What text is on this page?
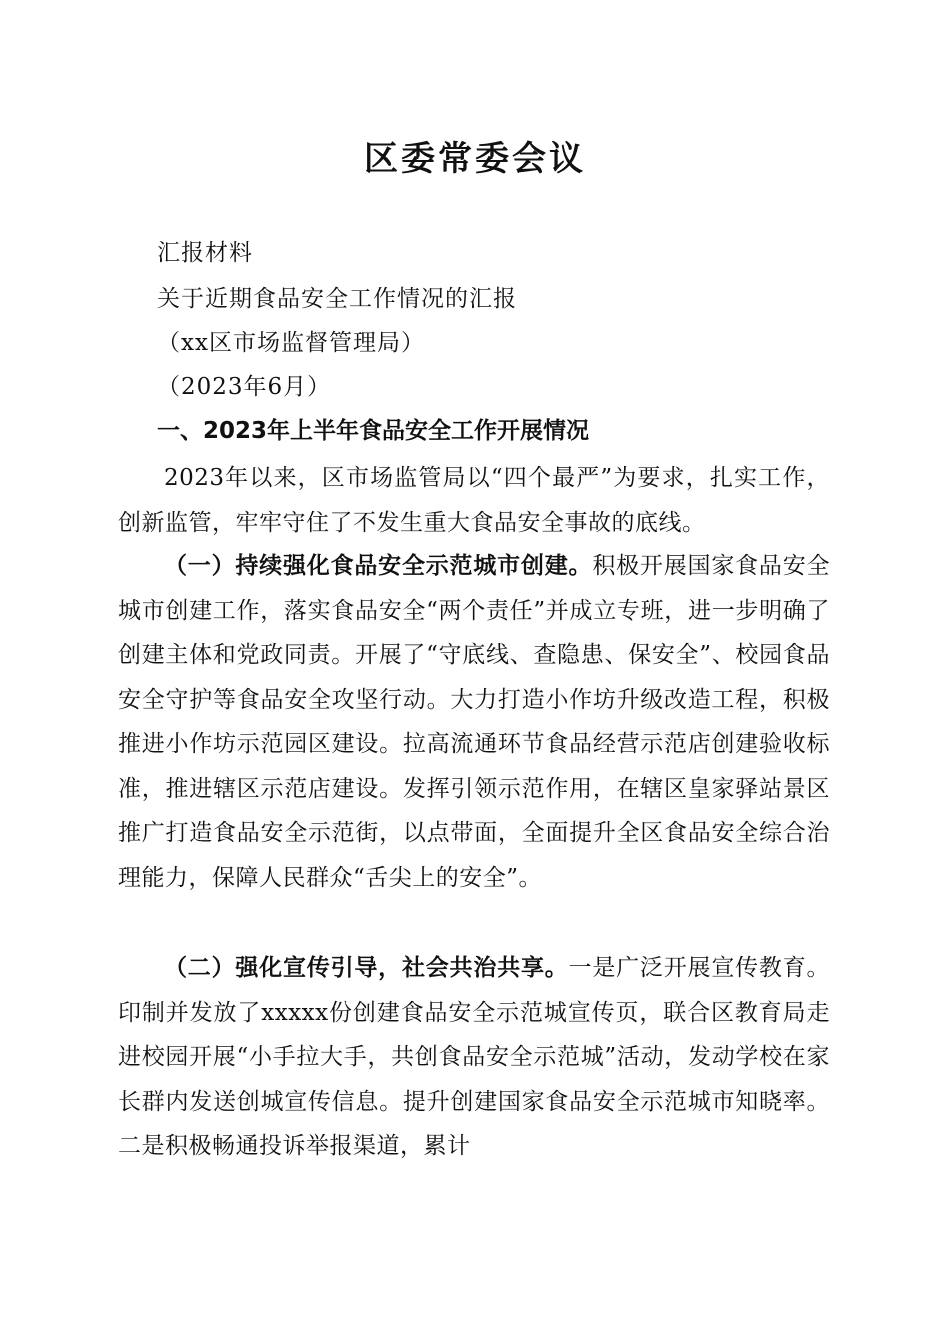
区委常委会议
汇报材料
关于近期食品安全工作情况的汇报
（xx区市场监督管理局）
（2023年6月）
一、2023年上半年食品安全工作开展情况
2023年以来，区市场监管局以“四个最严”为要求，扎实工作，创新监管，牢牢守住了不发生重大食品安全事故的底线。
（一）持续强化食品安全示范城市创建。积极开展国家食品安全城市创建工作，落实食品安全“两个责任”并成立专班，进一步明确了创建主体和党政同责。开展了“守底线、查隐患、保安全”、校园食品安全守护等食品安全攻坚行动。大力打造小作坊升级改造工程，积极推进小作坊示范园区建设。拉高流通环节食品经营示范店创建验收标准，推进辖区示范店建设。发挥引领示范作用，在辖区皇家驿站景区推广打造食品安全示范街，以点带面，全面提升全区食品安全综合治理能力，保障人民群众“舌尖上的安全”。
（二）强化宣传引导，社会共治共享。一是广泛开展宣传教育。印制并发放了xxxxx份创建食品安全示范城宣传页，联合区教育局走进校园开展“小手拉大手，共创食品安全示范城”活动，发动学校在家长群内发送创城宣传信息。提升创建国家食品安全示范城市知晓率。二是积极畅通投诉举报渠道，累计
